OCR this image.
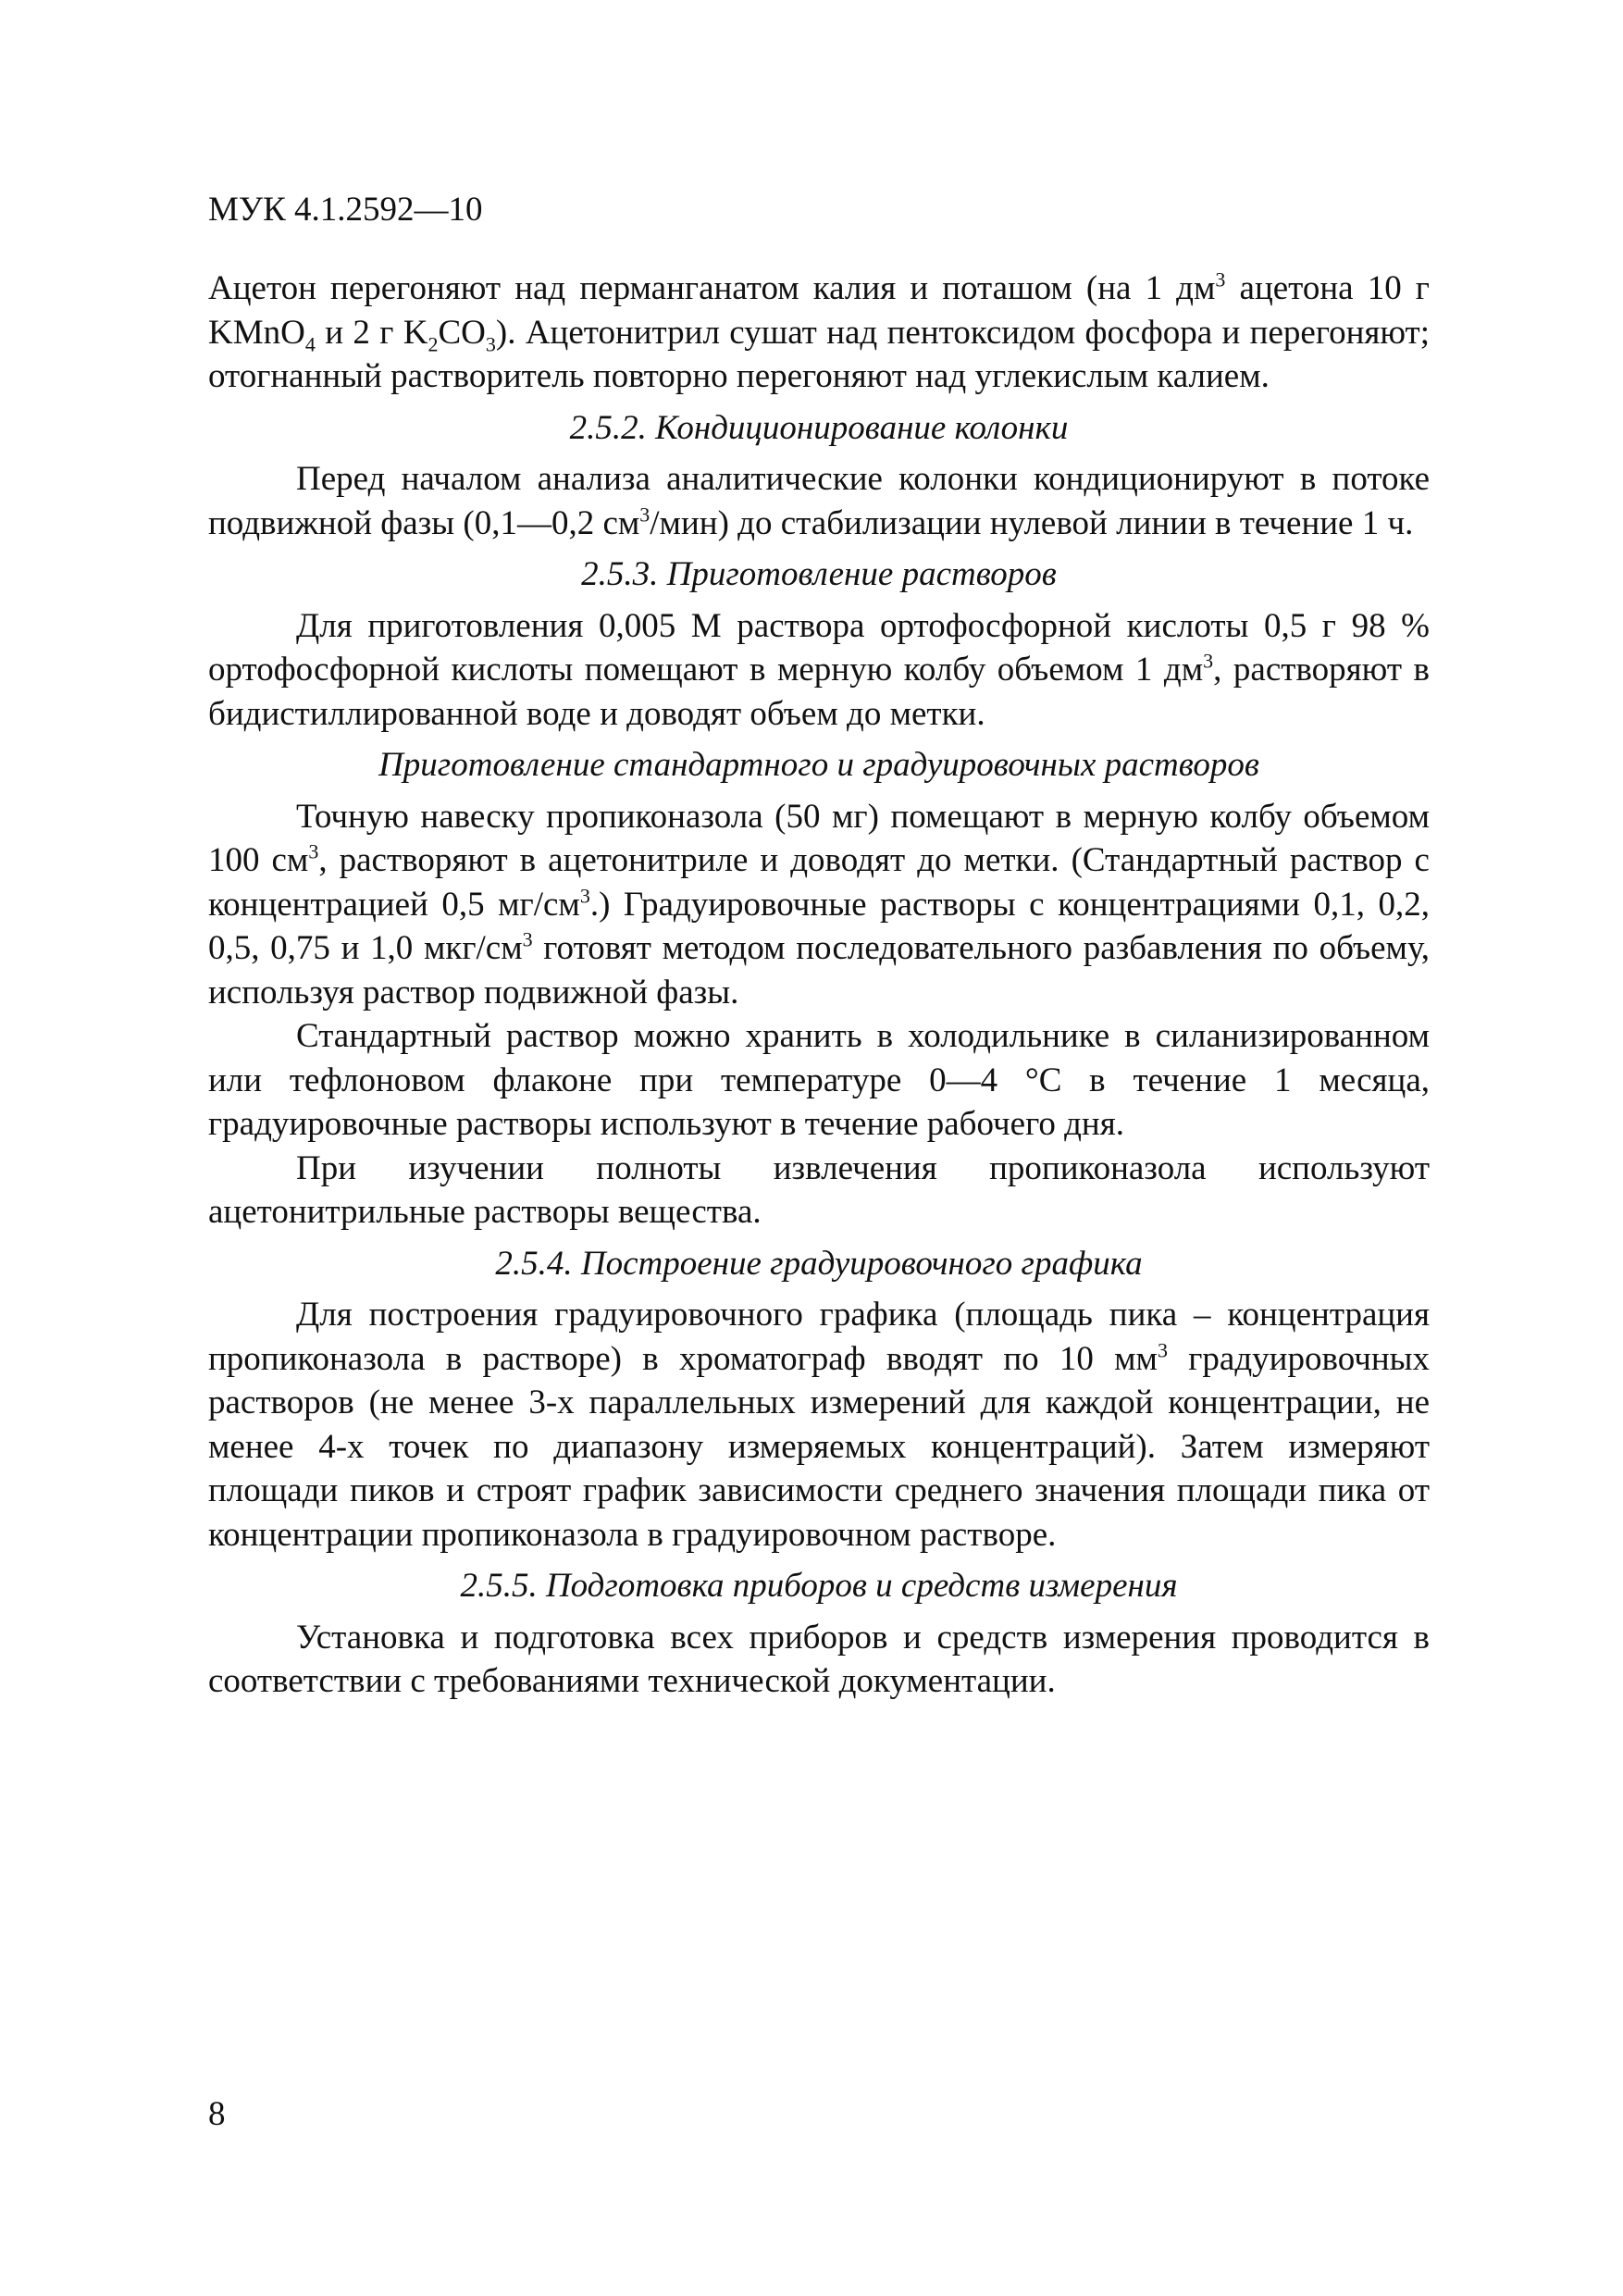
МУК 4.1.2592—10

Ацетон перегоняют над перманганатом калия и поташом (на 1 $дм^3$ ацетона 10 г KMnO$_4$ и 2 г $K_2CO_3$). Ацетонитрил сушат над пентоксидом фосфора и перегоняют; отогнанный растворитель повторно перегоняют над углекислым калием.

2.5.2. Кондиционирование колонки

Перед началом анализа аналитические колонки кондиционируют в потоке подвижной фазы (0,1—0,2 $см^3/мин$) до стабилизации нулевой линии в течение 1 ч.

2.5.3. Приготовление растворов

Для приготовления 0,005 М раствора ортофосфорной кислоты 0,5 г 98 % ортофосфорной кислоты помещают в мерную колбу объемом 1 $дм^3$, растворяют в бидистиллированной воде и доводят объем до метки.

Приготовление стандартного и градуировочных растворов

Точную навеску пропиконазола (50 мг) помещают в мерную колбу объемом 100 $см^3$, растворяют в ацетонитриле и доводят до метки. (Стандартный раствор с концентрацией 0,5 $мг/см^3$.) Градуировочные растворы с концентрациями 0,1, 0,2, 0,5, 0,75 и 1,0 мкг/$см^3$ готовят методом последовательного разбавления по объему, используя раствор подвижной фазы.

Стандартный раствор можно хранить в холодильнике в силанизированном или тефлоновом флаконе при температуре 0—4 °С в течение 1 месяца, градуировочные растворы используют в течение рабочего дня.

При изучении полноты извлечения пропиконазола используют ацетонитрильные растворы вещества.

2.5.4. Построение градуировочного графика

Для построения градуировочного графика (площадь пика – концентрация пропиконазола в растворе) в хроматограф вводят по 10 $мм^3$ градуировочных растворов (не менее 3-х параллельных измерений для каждой концентрации, не менее 4-х точек по диапазону измеряемых концентраций). Затем измеряют площади пиков и строят график зависимости среднего значения площади пика от концентрации пропиконазола в градуировочном растворе.

2.5.5. Подготовка приборов и средств измерения

Установка и подготовка всех приборов и средств измерения проводится в соответствии с требованиями технической документации.

8
